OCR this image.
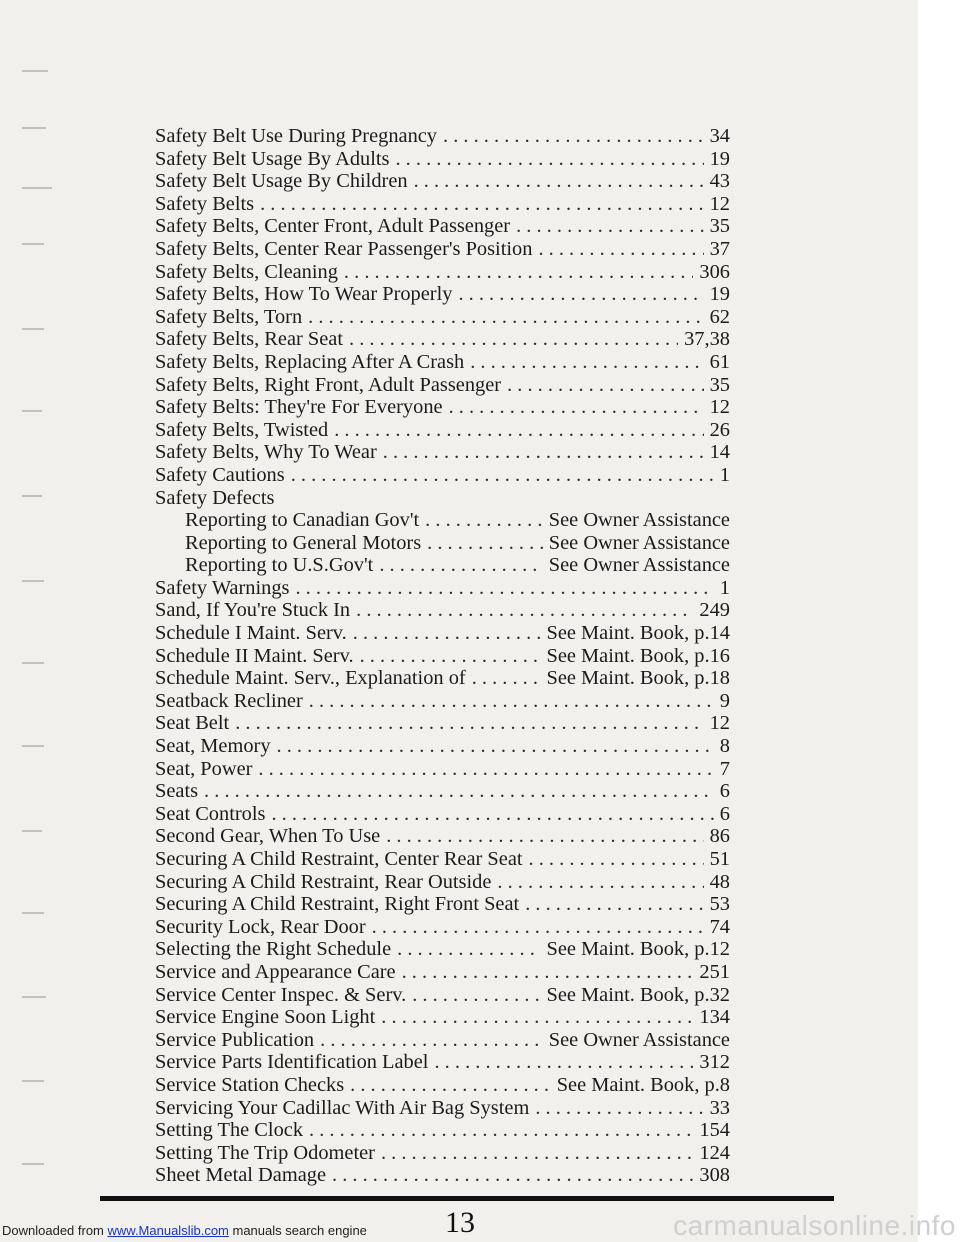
Safety Belt Use During Pregnancy . . .	34
Safety Belt Usage By Adults . . .	19
Safety Belt Usage By Children . . .	43
Safety Belts . . .	12
Safety Belts, Center Front, Adult Passenger . . .	35
Safety Belts, Center Rear Passenger's Position . . .	37
Safety Belts, Cleaning . . .	306
Safety Belts, How To Wear Properly . . .	19
Safety Belts, Torn . . .	62
Safety Belts, Rear Seat . . .	37,38
Safety Belts, Replacing After A Crash . . .	61
Safety Belts, Right Front, Adult Passenger . . .	35
Safety Belts: They're For Everyone . . .	12
Safety Belts, Twisted . . .	26
Safety Belts, Why To Wear . . .	14
Safety Cautions . . .	1
Safety Defects
Reporting to Canadian Gov't . . .	See Owner Assistance
Reporting to General Motors . . .	See Owner Assistance
Reporting to U.S.Gov't . . .	See Owner Assistance
Safety Warnings . . .	1
Sand, If You're Stuck In . . .	249
Schedule I Maint. Serv. . . .	See Maint. Book, p.14
Schedule II Maint. Serv. . . .	See Maint. Book, p.16
Schedule Maint. Serv., Explanation of . . .	See Maint. Book, p.18
Seatback Recliner . . .	9
Seat Belt . . .	12
Seat, Memory . . .	8
Seat, Power . . .	7
Seats . . .	6
Seat Controls . . .	6
Second Gear, When To Use . . .	86
Securing A Child Restraint, Center Rear Seat . . .	51
Securing A Child Restraint, Rear Outside . . .	48
Securing A Child Restraint, Right Front Seat . . .	53
Security Lock, Rear Door . . .	74
Selecting the Right Schedule . . .	See Maint. Book, p.12
Service and Appearance Care . . .	251
Service Center Inspec. & Serv. . . .	See Maint. Book, p.32
Service Engine Soon Light . . .	134
Service Publication . . .	See Owner Assistance
Service Parts Identification Label . . .	312
Service Station Checks . . .	See Maint. Book, p.8
Servicing Your Cadillac With Air Bag System . . .	33
Setting The Clock . . .	154
Setting The Trip Odometer . . .	124
Sheet Metal Damage . . .	308
13
Downloaded from www.Manualslib.com manuals search engine	carmanualsonline.info
